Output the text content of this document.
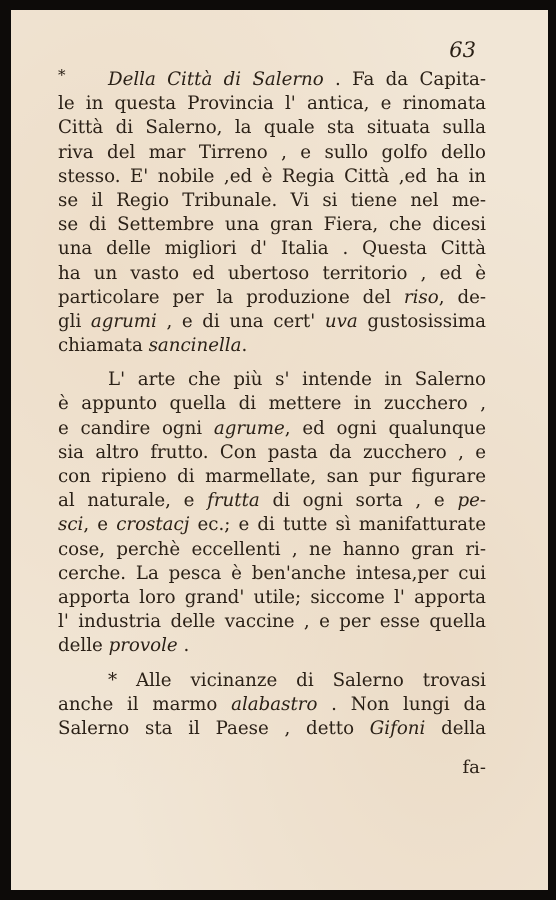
63
*	Della Città di Salerno . Fa da Capita-
le in questa Provincia l' antica, e rinomata
Città di Salerno, la quale sta situata sulla
riva del mar Tirreno , e sullo golfo dello
stesso. E' nobile ,ed è Regia Città ,ed ha in
se il Regio Tribunale. Vi si tiene nel me-
se di Settembre una gran Fiera, che dicesi
una delle migliori d' Italia . Questa Città
ha un vasto ed ubertoso territorio , ed è
particolare per la produzione del riso, de-
gli agrumi , e di una cert' uva gustosissima
chiamata sancinella.
L' arte che più s' intende in Salerno
è appunto quella di mettere in zucchero ,
e candire ogni agrume, ed ogni qualunque
sia altro frutto. Con pasta da zucchero , e
con ripieno di marmellate, san pur figurare
al naturale, e frutta di ogni sorta , e pe-
sci, e crostacj ec.; e di tutte sì manifatturate
cose, perchè eccellenti , ne hanno gran ri-
cerche. La pesca è ben'anche intesa,per cui
apporta loro grand' utile; siccome l' apporta
l' industria delle vaccine , e per esse quella
delle provole .
* Alle vicinanze di Salerno trovasi
anche il marmo alabastro . Non lungi da
Salerno sta il Paese , detto Gifoni della
fa-
